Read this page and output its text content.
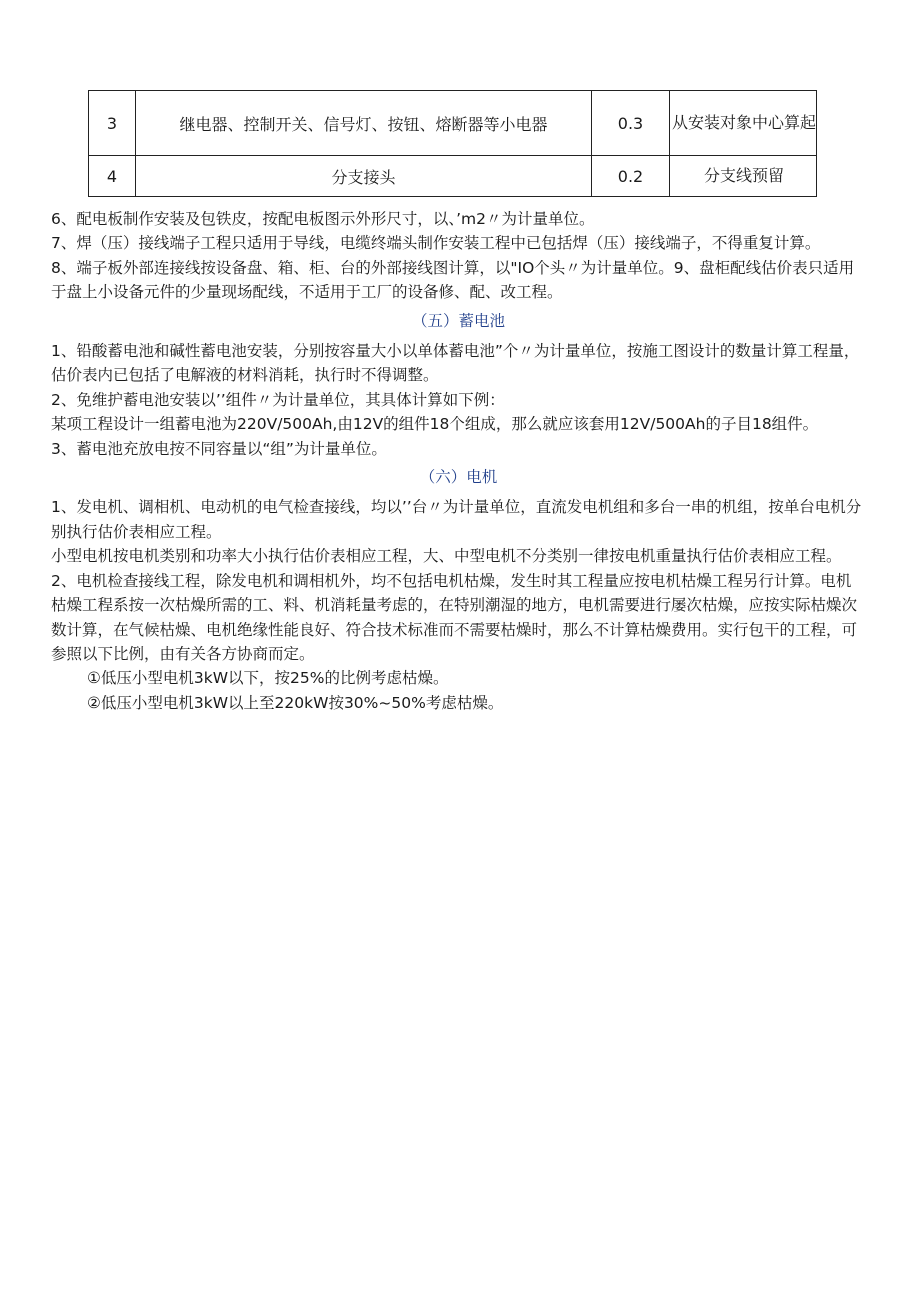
3	继电器、控制开关、信号灯、按钮、熔断器等小电器	0.3	从安装对象中心算起
4	分支接头	0.2	分支线预留

6、配电板制作安装及包铁皮，按配电板图示外形尺寸，以、’m2〃为计量单位。

7、焊（压）接线端子工程只适用于导线，电缆终端头制作安装工程中已包括焊（压）接线端子，不得重复计算。

8、端子板外部连接线按设备盘、箱、柜、台的外部接线图计算，以"IO个头〃为计量单位。9、盘柜配线估价表只适用于盘上小设备元件的少量现场配线，不适用于工厂的设备修、配、改工程。

（五）蓄电池

1、铅酸蓄电池和碱性蓄电池安装，分别按容量大小以单体蓄电池”个〃为计量单位，按施工图设计的数量计算工程量，估价表内已包括了电解液的材料消耗，执行时不得调整。

2、免维护蓄电池安装以’’组件〃为计量单位，其具体计算如下例：

某项工程设计一组蓄电池为220V/500Ah,由12V的组件18个组成，那么就应该套用12V/500Ah的子目18组件。

3、蓄电池充放电按不同容量以“组”为计量单位。

（六）电机

1、发电机、调相机、电动机的电气检查接线，均以’’台〃为计量单位，直流发电机组和多台一串的机组，按单台电机分别执行估价表相应工程。

小型电机按电机类别和功率大小执行估价表相应工程，大、中型电机不分类别一律按电机重量执行估价表相应工程。

2、电机检查接线工程，除发电机和调相机外，均不包括电机枯燥，发生时其工程量应按电机枯燥工程另行计算。电机枯燥工程系按一次枯燥所需的工、料、机消耗量考虑的，在特别潮湿的地方，电机需要进行屡次枯燥，应按实际枯燥次数计算，在气候枯燥、电机绝缘性能良好、符合技术标准而不需要枯燥时，那么不计算枯燥费用。实行包干的工程，可参照以下比例，由有关各方协商而定。

①低压小型电机3kW以下，按25%的比例考虑枯燥。

②低压小型电机3kW以上至220kW按30%~50%考虑枯燥。
